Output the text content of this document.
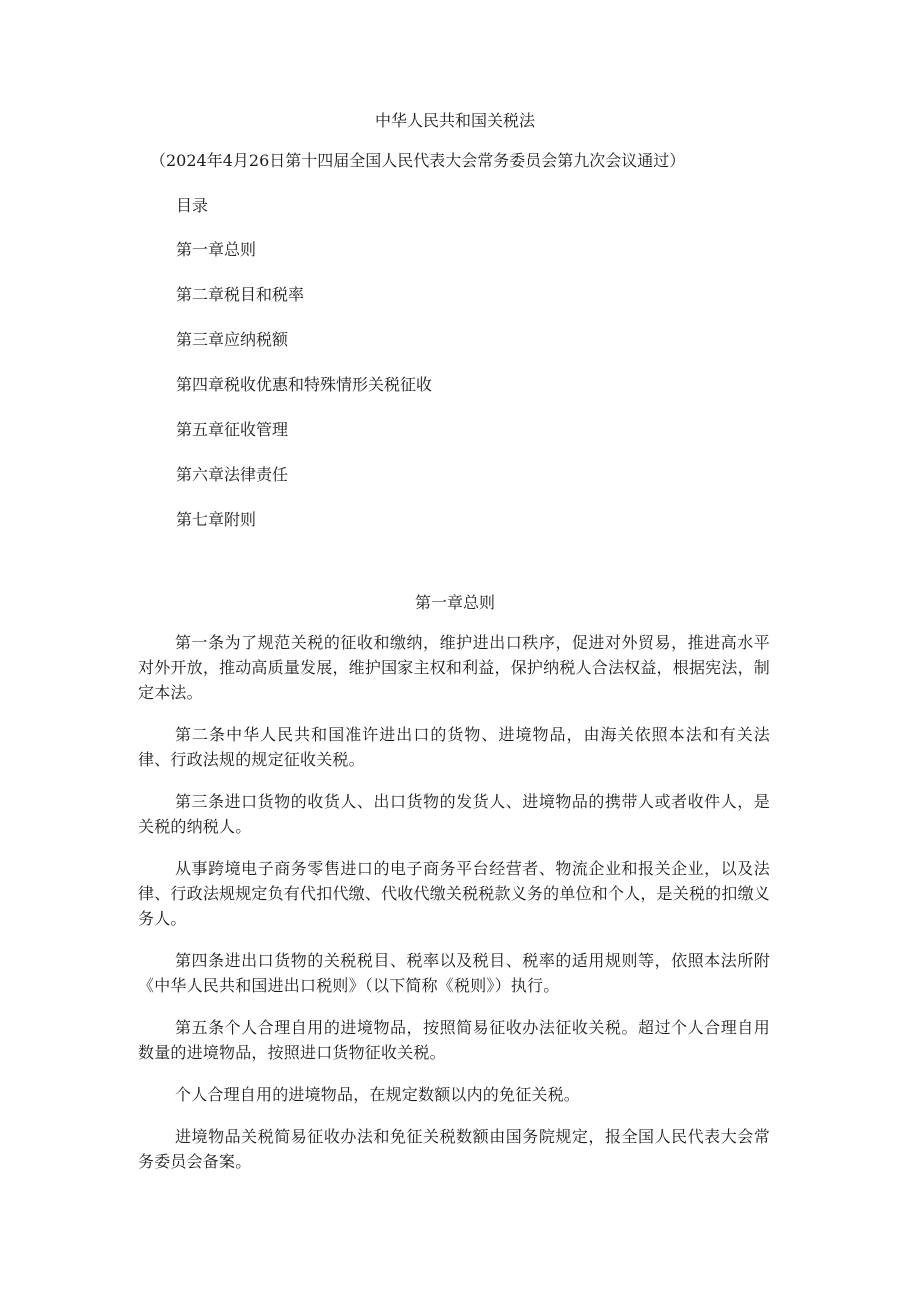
中华人民共和国关税法
（2024年4月26日第十四届全国人民代表大会常务委员会第九次会议通过）
目录
第一章总则
第二章税目和税率
第三章应纳税额
第四章税收优惠和特殊情形关税征收
第五章征收管理
第六章法律责任
第七章附则
第一章总则

第一条为了规范关税的征收和缴纳，维护进出口秩序，促进对外贸易，推进高水平对外开放，推动高质量发展，维护国家主权和利益，保护纳税人合法权益，根据宪法，制定本法。

第二条中华人民共和国准许进出口的货物、进境物品，由海关依照本法和有关法律、行政法规的规定征收关税。

第三条进口货物的收货人、出口货物的发货人、进境物品的携带人或者收件人，是关税的纳税人。

从事跨境电子商务零售进口的电子商务平台经营者、物流企业和报关企业，以及法律、行政法规规定负有代扣代缴、代收代缴关税税款义务的单位和个人，是关税的扣缴义务人。

第四条进出口货物的关税税目、税率以及税目、税率的适用规则等，依照本法所附《中华人民共和国进出口税则》（以下简称《税则》）执行。

第五条个人合理自用的进境物品，按照简易征收办法征收关税。超过个人合理自用数量的进境物品，按照进口货物征收关税。

个人合理自用的进境物品，在规定数额以内的免征关税。

进境物品关税简易征收办法和免征关税数额由国务院规定，报全国人民代表大会常务委员会备案。
